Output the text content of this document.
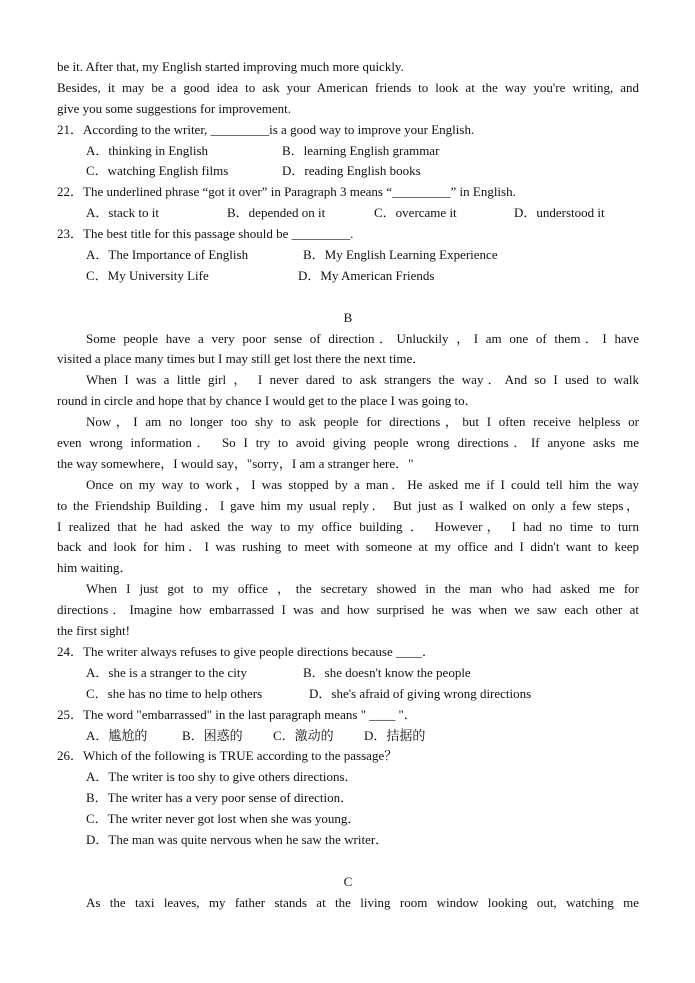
be it. After that, my English started improving much more quickly.
Besides, it may be a good idea to ask your American friends to look at the way you're writing, and
give you some suggestions for improvement.
21．According to the writer, _________is a good way to improve your English.
A．thinking in English	B．learning English grammar
C．watching English films	D．reading English books
22．The underlined phrase “got it over” in Paragraph 3 means “_________” in English.
A．stack to it	B．depended on it	C．overcame it	D．understood it
23．The best title for this passage should be _________.
A．The Importance of English	B．My English Learning Experience
C．My University Life	D．My American Friends
B
Some people have a very poor sense of direction．Unluckily ，I am one of them．I have
visited a place many times but I may still get lost there the next time．
When I was a little girl ， I never dared to ask strangers the way．And so I used to walk
round in circle and hope that by chance I would get to the place I was going to．
Now，I am no longer too shy to ask people for directions，but I often receive helpless or
even wrong information． So I try to avoid giving people wrong directions．If anyone asks me
the way somewhere，I would say，"sorry，I am a stranger here．"
Once on my way to work，I was stopped by a man．He asked me if I could tell him the way
to the Friendship Building．I gave him my usual reply． But just as I walked on only a few steps，
I realized that he had asked the way to my office building ． However， I had no time to turn
back and look for him．I was rushing to meet with someone at my office and I didn't want to keep
him waiting．
When I just got to my office ，the secretary showed in the man who had asked me for
directions．Imagine how embarrassed I was and how surprised he was when we saw each other at
the first sight!
24．The writer always refuses to give people directions because ____．
A．she is a stranger to the city	B．she doesn't know the people
C．she has no time to help others	D．she's afraid of giving wrong directions
25．The word "embarrassed" in the last paragraph means " ____ "．
A．尴尬的	B．困惑的	C．激动的	D．拮据的
26．Which of the following is TRUE according to the passage？
A．The writer is too shy to give others directions．
B．The writer has a very poor sense of direction．
C．The writer never got lost when she was young．
D．The man was quite nervous when he saw the writer．
C
As the taxi leaves, my father stands at the living room window looking out, watching me
